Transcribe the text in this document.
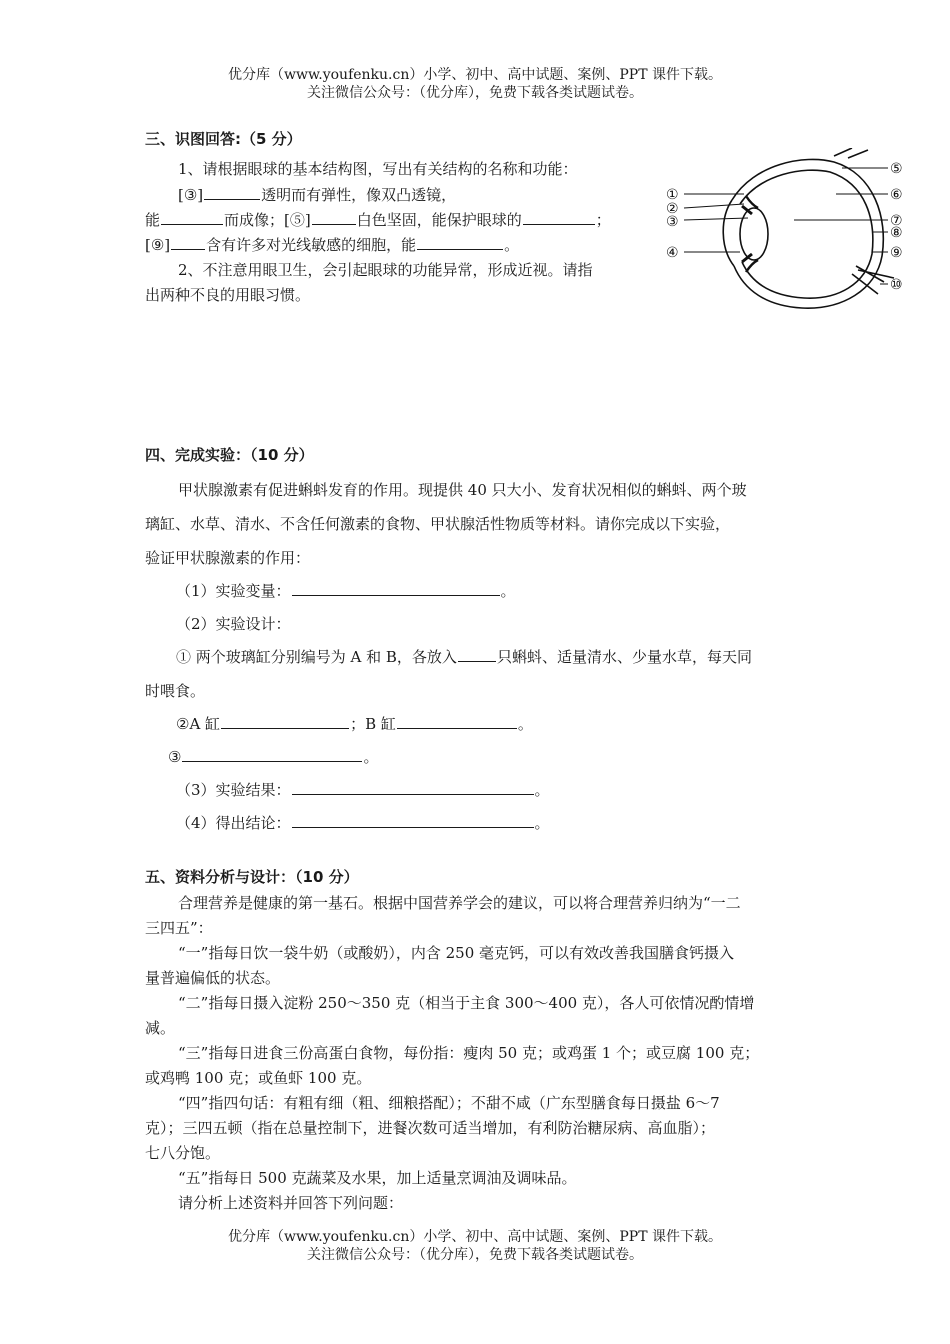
优分库（www.youfenku.cn）小学、初中、高中试题、案例、PPT 课件下载。
关注微信公众号：（优分库），免费下载各类试题试卷。
三、识图回答:（5 分）
1、请根据眼球的基本结构图，写出有关结构的名称和功能：
[③]	透明而有弹性，像双凸透镜，
能	而成像；[⑤]	白色坚固，能保护眼球的	；
[⑨] 含有许多对光线敏感的细胞，能	。
2、不注意用眼卫生，会引起眼球的功能异常，形成近视。请指
出两种不良的用眼习惯。
①
②
③
④
⑤
⑥
⑦
⑧
⑨
⑩
四、完成实验：（10 分）
甲状腺激素有促进蝌蚪发育的作用。现提供 40 只大小、发育状况相似的蝌蚪、两个玻
璃缸、水草、清水、不含任何激素的食物、甲状腺活性物质等材料。请你完成以下实验，
验证甲状腺激素的作用：
（1）实验变量：	。
（2）实验设计：
① 两个玻璃缸分别编号为 A 和 B，各放入	只蝌蚪、适量清水、少量水草，每天同
时喂食。
②A 缸	；B 缸	。
③	。
（3）实验结果：	。
（4）得出结论：	。
五、资料分析与设计：（10 分）
合理营养是健康的第一基石。根据中国营养学会的建议，可以将合理营养归纳为“一二
三四五”：
“一”指每日饮一袋牛奶（或酸奶），内含 250 毫克钙，可以有效改善我国膳食钙摄入
量普遍偏低的状态。
“二”指每日摄入淀粉 250～350 克（相当于主食 300～400 克），各人可依情况酌情增
减。
“三”指每日进食三份高蛋白食物，每份指：瘦肉 50 克；或鸡蛋 1 个；或豆腐 100 克；
或鸡鸭 100 克；或鱼虾 100 克。
“四”指四句话：有粗有细（粗、细粮搭配）；不甜不咸（广东型膳食每日摄盐 6～7
克）；三四五顿（指在总量控制下，进餐次数可适当增加，有利防治糖尿病、高血脂）；
七八分饱。
“五”指每日 500 克蔬菜及水果，加上适量烹调油及调味品。
请分析上述资料并回答下列问题：
优分库（www.youfenku.cn）小学、初中、高中试题、案例、PPT 课件下载。
关注微信公众号：（优分库），免费下载各类试题试卷。
